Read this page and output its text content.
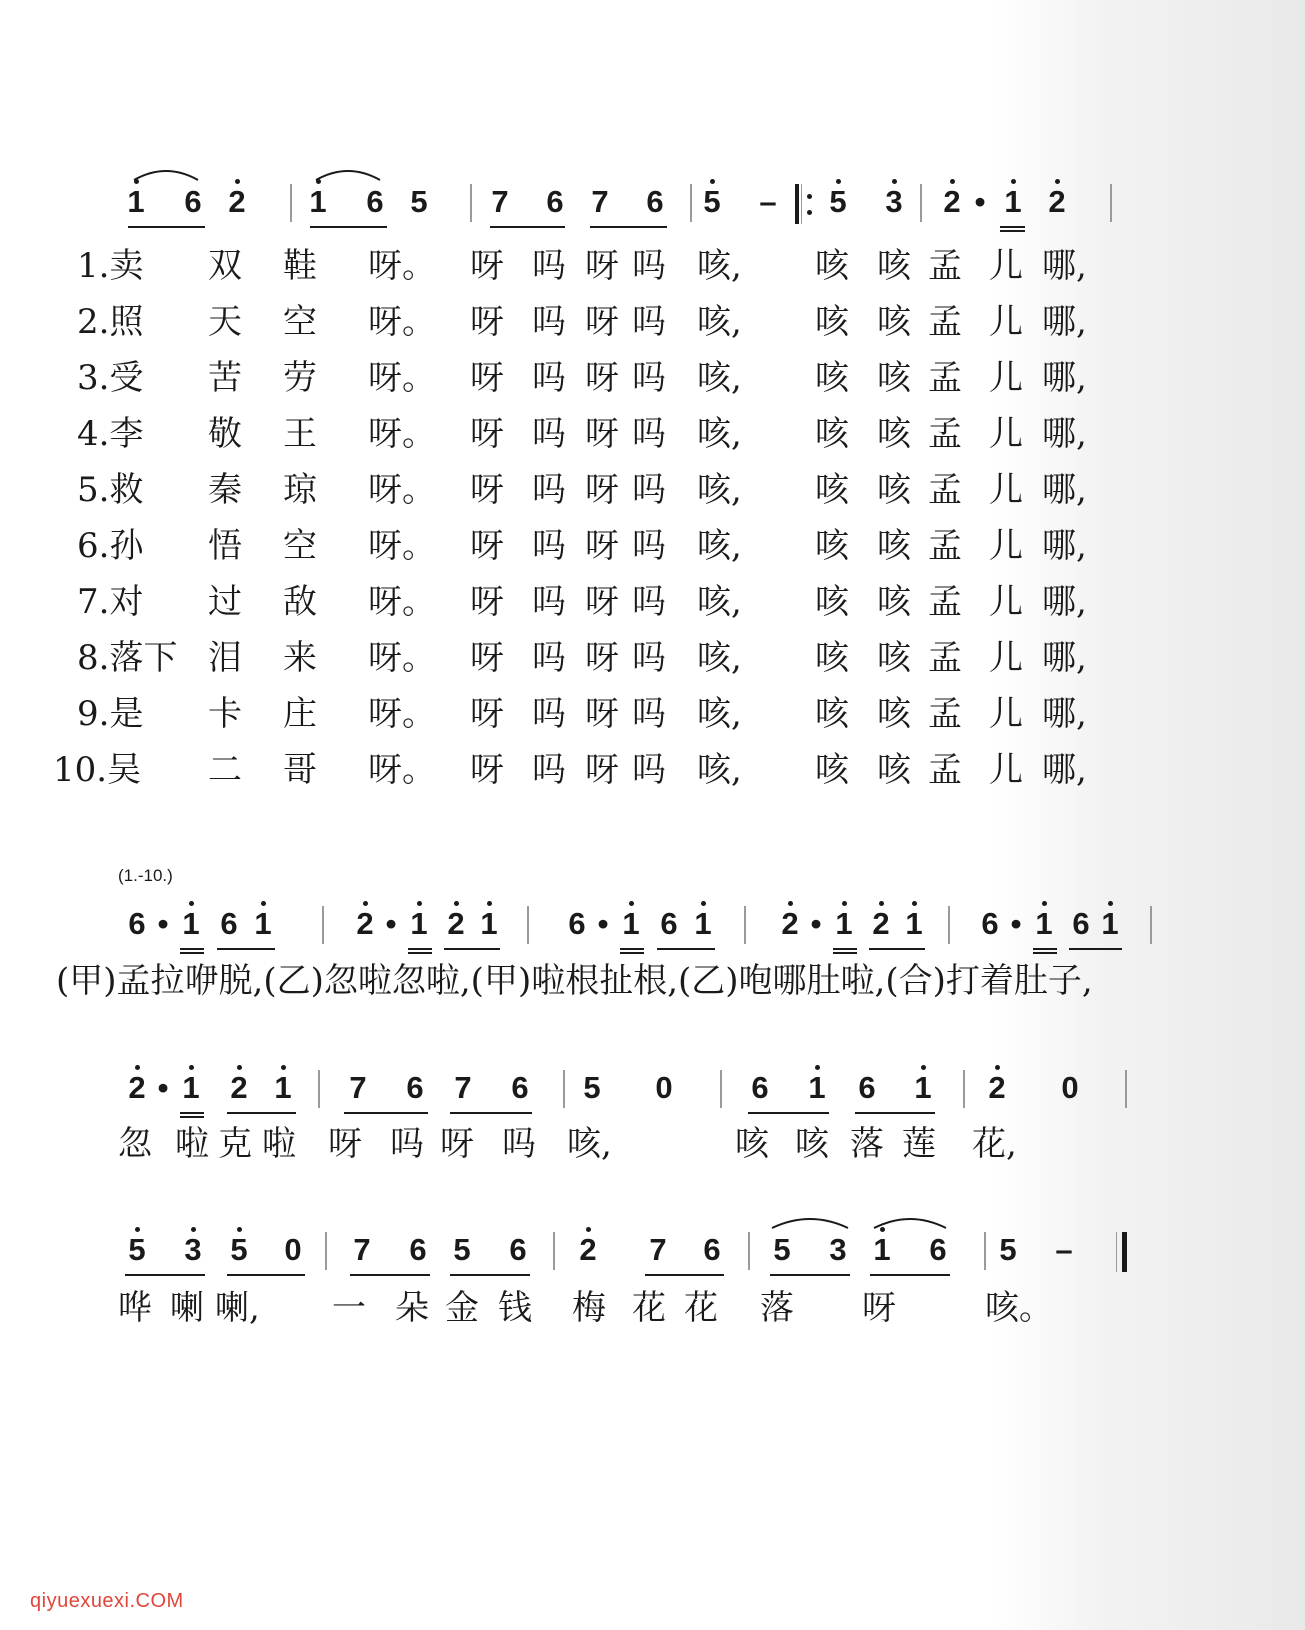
1 6 2 1 6 5 7 6 7 6 5 – 5 3 2 • 1 2
1.卖 双 鞋 呀。 呀 吗 呀 吗 咳, 咳 咳 孟 儿 哪,
2.照 天 空 呀。 呀 吗 呀 吗 咳, 咳 咳 孟 儿 哪,
3.受 苦 劳 呀。 呀 吗 呀 吗 咳, 咳 咳 孟 儿 哪,
4.李 敬 王 呀。 呀 吗 呀 吗 咳, 咳 咳 孟 儿 哪,
5.救 秦 琼 呀。 呀 吗 呀 吗 咳, 咳 咳 孟 儿 哪,
6.孙 悟 空 呀。 呀 吗 呀 吗 咳, 咳 咳 孟 儿 哪,
7.对 过 敌 呀。 呀 吗 呀 吗 咳, 咳 咳 孟 儿 哪,
8.落下 泪 来 呀。 呀 吗 呀 吗 咳, 咳 咳 孟 儿 哪,
9.是 卡 庄 呀。 呀 吗 呀 吗 咳, 咳 咳 孟 儿 哪,
10.吴 二 哥 呀。 呀 吗 呀 吗 咳, 咳 咳 孟 儿 哪,
(1.-10.)
6 • 1 6 1	2 • 1 2 1 6 • 1 6 1 2 • 1 2 1 6 • 1 6 1
(甲)孟拉咿脱,(乙)忽啦忽啦,(甲)啦根扯根,(乙)咆哪肚啦,(合)打着肚子,
2 • 1 2 1 7 6 7 6 5 0	6 1 6 1 2 0
忽 啦 克 啦 呀 吗 呀 吗 咳,	咳 咳 落 莲 花,
5 3 5 0 7 6 5 6 2 7 6 5 3 1 6 5 –
哗 喇 喇, 一 朵 金 钱 梅 花 花 落 呀	咳。
qiyuexuexi.COM
